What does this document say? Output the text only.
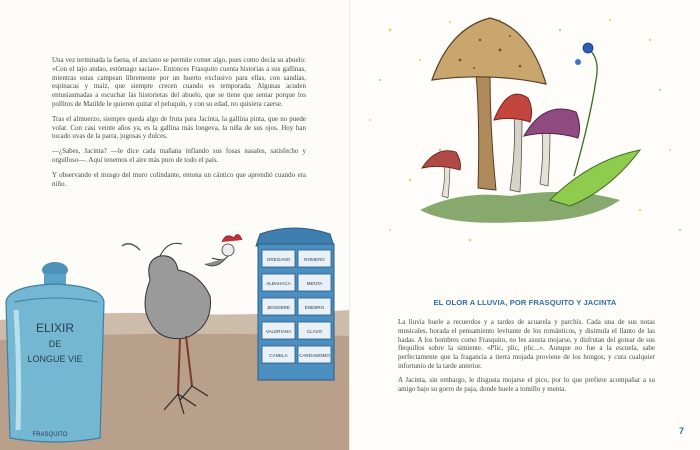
Una vez terminada la faena, el anciano se permite comer algo, pues como decía su abuelo: «Con el tajo andao, estómago saciao». Entonces Frasquito cuenta historias a sus gallinas, mientras estas campean libremente por un huerto exclusivo para ellas, con sandías, espinacas y maíz, que siempre crecen cuando es temporada. Algunas acuden entusiasmadas a escuchar las historietas del abuelo, que se tiene que sentar porque los pollitos de Matilde le quieren quitar el peluquín, y con su edad, no quisiera caerse.

Tras el almuerzo, siempre queda algo de fruta para Jacinta, la gallina pinta, que no puede volar. Con casi veinte años ya, es la gallina más longeva, la niña de sus ojos. Hoy han tocado uvas de la parra, jugosas y dulces.

—¿Sabes, Jacinta? —le dice cada mañana inflando sus fosas nasales, satisfecho y orgulloso—. Aquí tenemos el aire más puro de todo el país.

Y observando el musgo del muro colindante, entona un cántico que aprendió cuando era niño.

ELIXIR
DE
LONGUE VIE
FRASQUITO
OREGANO	ROMERO
ALBAHACA	MENTA
JENGIBRE	ENEBRO
VALERIANA	CLAVO
CANELA CARDAMOMO
EL OLOR A LLUVIA, POR FRASQUITO Y JACINTA

La lluvia huele a recuerdos y a tardes de acuarela y parchís. Cada una de sus notas musicales, horada el pensamiento levitante de los románticos, y disimula el llanto de las hadas. A los hombres como Frasquito, no les asusta mojarse, y disfrutan del gotear de sus flequillos sobre la simiente. «Plic, plic, plic...». Aunque no fue a la escuela, sabe perfectamente que la fragancia a tierra mojada proviene de los hongos, y cura cualquier infortunio de la tarde anterior.

A Jacinta, sin embargo, le disgusta mojarse el pico, por lo que prefiere acompañar a su amigo bajo su gorro de paja, donde huele a tomillo y menta.

7
